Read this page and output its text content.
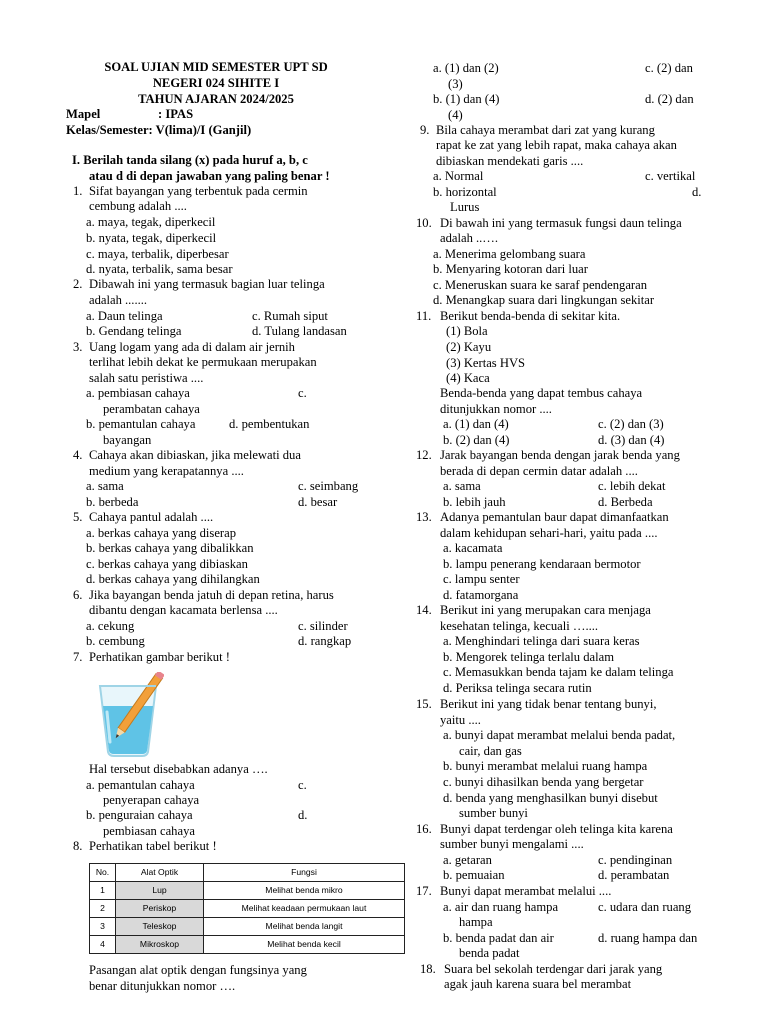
SOAL UJIAN MID SEMESTER UPT SD
NEGERI 024 SIHITE I
TAHUN AJARAN 2024/2025
Mapel	: IPAS
Kelas/Semester: V(lima)/I (Ganjil)
I. Berilah tanda silang (x) pada huruf a, b, c
atau d di depan jawaban yang paling benar !
1. Sifat bayangan yang terbentuk pada cermin
cembung adalah ....
a. maya, tegak, diperkecil
b. nyata, tegak, diperkecil
c. maya, terbalik, diperbesar
d. nyata, terbalik, sama besar
2. Dibawah ini yang termasuk bagian luar telinga
adalah .......
a. Daun telinga	c. Rumah siput
b. Gendang telinga	d. Tulang landasan
3. Uang logam yang ada di dalam air jernih
terlihat lebih dekat ke permukaan merupakan
salah satu peristiwa ....
a. pembiasan cahaya	c.
perambatan cahaya
b. pemantulan cahaya	d. pembentukan
bayangan
4. Cahaya akan dibiaskan, jika melewati dua
medium yang kerapatannya ....
a. sama	c. seimbang
b. berbeda	d. besar
5. Cahaya pantul adalah ....
a. berkas cahaya yang diserap
b. berkas cahaya yang dibalikkan
c. berkas cahaya yang dibiaskan
d. berkas cahaya yang dihilangkan
6. Jika bayangan benda jatuh di depan retina, harus
dibantu dengan kacamata berlensa ....
a. cekung	c. silinder
b. cembung	d. rangkap
7. Perhatikan gambar berikut !
Hal tersebut disebabkan adanya ….
a. pemantulan cahaya	c.
penyerapan cahaya
b. penguraian cahaya	d.
pembiasan cahaya
8. Perhatikan tabel berikut !
No.	Alat Optik	Fungsi
1	Lup	Melihat benda mikro
2	Periskop	Melihat keadaan permukaan laut
3	Teleskop	Melihat benda langit
4	Mikroskop	Melihat benda kecil
Pasangan alat optik dengan fungsinya yang
benar ditunjukkan nomor ….
a. (1) dan (2)	c. (2) dan
(3)
b. (1) dan (4)	d. (2) dan
(4)
9. Bila cahaya merambat dari zat yang kurang
rapat ke zat yang lebih rapat, maka cahaya akan
dibiaskan mendekati garis ....
a. Normal	c. vertikal
b. horizontal	d.
Lurus
10. Di bawah ini yang termasuk fungsi daun telinga
adalah ..….
a. Menerima gelombang suara
b. Menyaring kotoran dari luar
c. Meneruskan suara ke saraf pendengaran
d. Menangkap suara dari lingkungan sekitar
11. Berikut benda-benda di sekitar kita.
(1) Bola
(2) Kayu
(3) Kertas HVS
(4) Kaca
Benda-benda yang dapat tembus cahaya
ditunjukkan nomor ....
a. (1) dan (4)	c. (2) dan (3)
b. (2) dan (4)	d. (3) dan (4)
12. Jarak bayangan benda dengan jarak benda yang
berada di depan cermin datar adalah ....
a. sama	c. lebih dekat
b. lebih jauh	d. Berbeda
13. Adanya pemantulan baur dapat dimanfaatkan
dalam kehidupan sehari-hari, yaitu pada ....
a. kacamata
b. lampu penerang kendaraan bermotor
c. lampu senter
d. fatamorgana
14. Berikut ini yang merupakan cara menjaga
kesehatan telinga, kecuali …....
a. Menghindari telinga dari suara keras
b. Mengorek telinga terlalu dalam
c. Memasukkan benda tajam ke dalam telinga
d. Periksa telinga secara rutin
15. Berikut ini yang tidak benar tentang bunyi,
yaitu ....
a. bunyi dapat merambat melalui benda padat,
cair, dan gas
b. bunyi merambat melalui ruang hampa
c. bunyi dihasilkan benda yang bergetar
d. benda yang menghasilkan bunyi disebut
sumber bunyi
16. Bunyi dapat terdengar oleh telinga kita karena
sumber bunyi mengalami ....
a. getaran	c. pendinginan
b. pemuaian	d. perambatan
17. Bunyi dapat merambat melalui ....
a. air dan ruang hampa	c. udara dan ruang
hampa
b. benda padat dan air	d. ruang hampa dan
benda padat
18. Suara bel sekolah terdengar dari jarak yang
agak jauh karena suara bel merambat
